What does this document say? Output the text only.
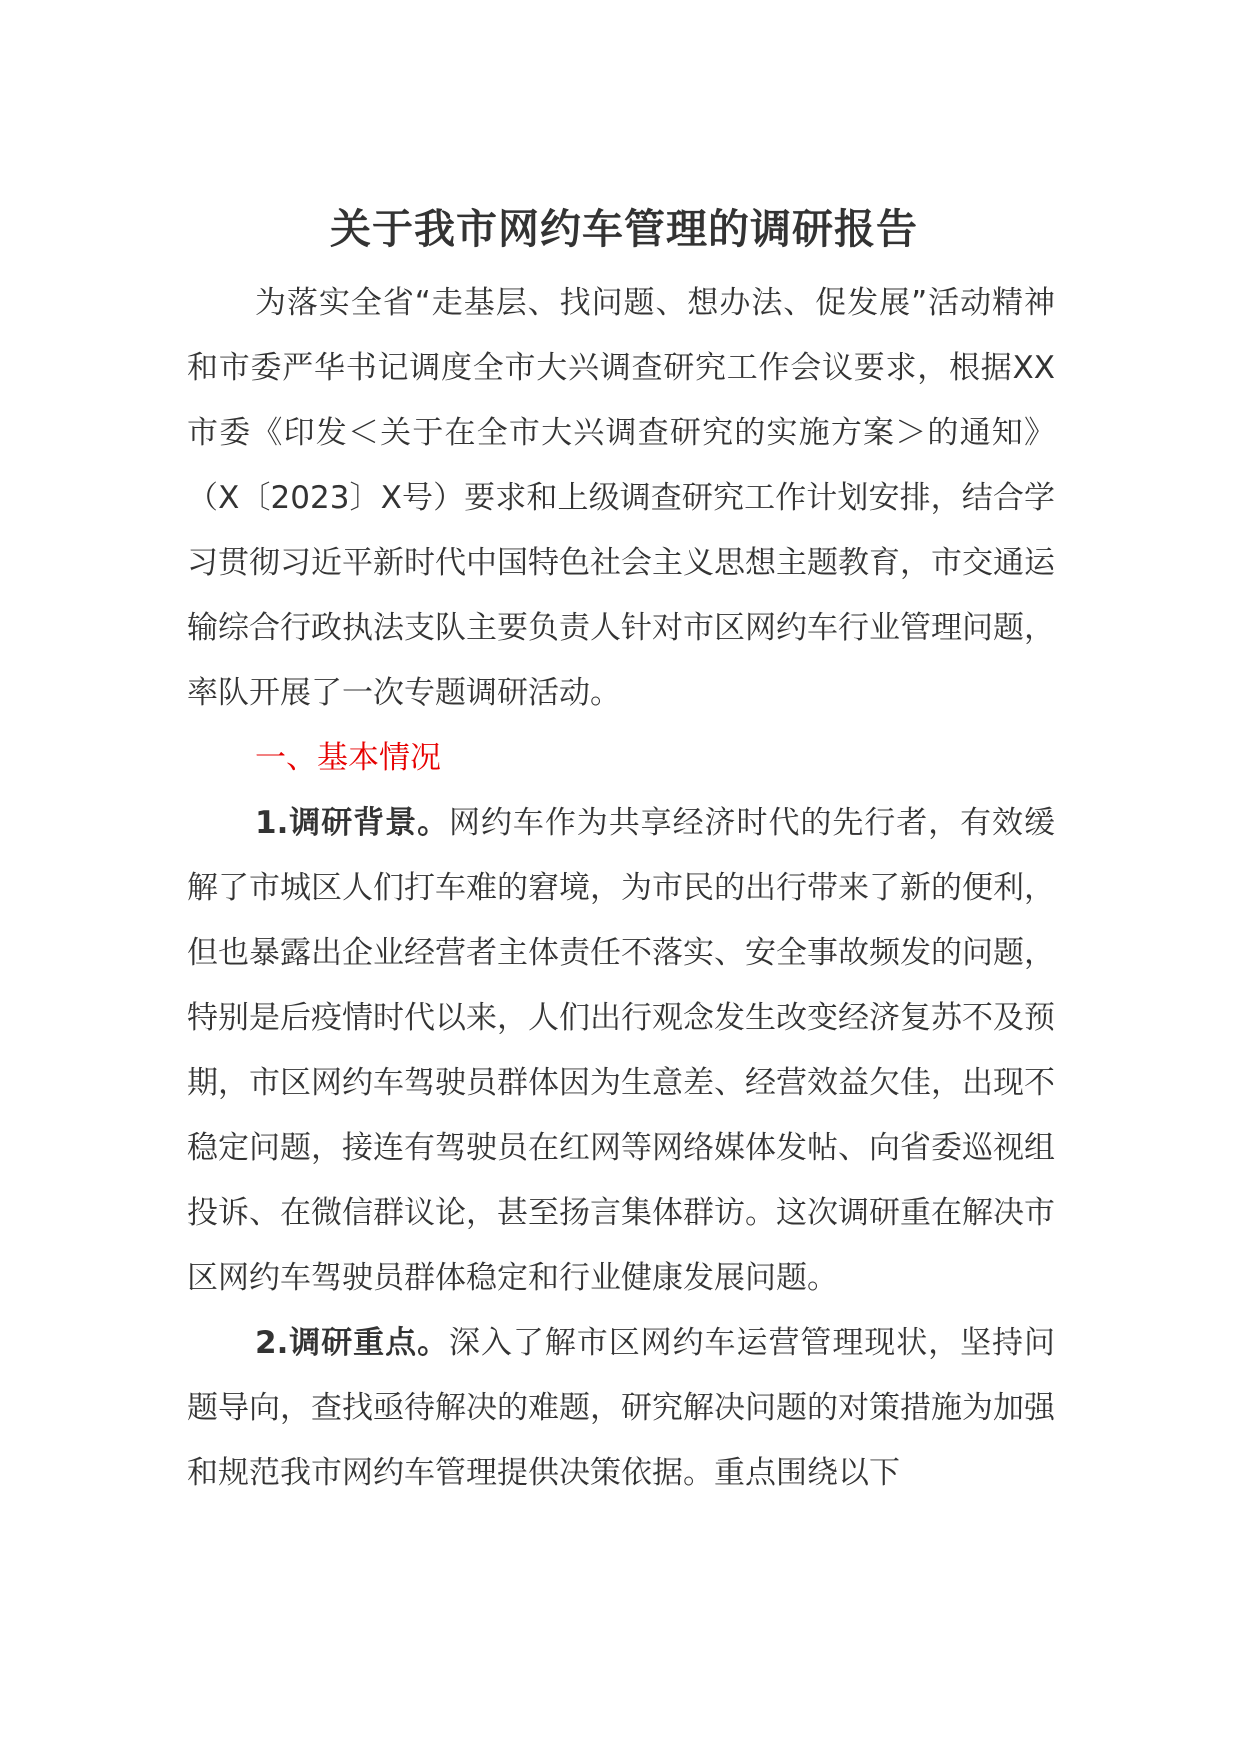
关于我市网约车管理的调研报告

为落实全省“走基层、找问题、想办法、促发展”活动精神和市委严华书记调度全市大兴调查研究工作会议要求，根据XX市委《印发＜关于在全市大兴调查研究的实施方案＞的通知》（X〔2023〕X号）要求和上级调查研究工作计划安排，结合学习贯彻习近平新时代中国特色社会主义思想主题教育，市交通运输综合行政执法支队主要负责人针对市区网约车行业管理问题，率队开展了一次专题调研活动。

一、基本情况

1.调研背景。网约车作为共享经济时代的先行者，有效缓解了市城区人们打车难的窘境，为市民的出行带来了新的便利，但也暴露出企业经营者主体责任不落实、安全事故频发的问题，特别是后疫情时代以来，人们出行观念发生改变经济复苏不及预期，市区网约车驾驶员群体因为生意差、经营效益欠佳，出现不稳定问题，接连有驾驶员在红网等网络媒体发帖、向省委巡视组投诉、在微信群议论，甚至扬言集体群访。这次调研重在解决市区网约车驾驶员群体稳定和行业健康发展问题。

2.调研重点。深入了解市区网约车运营管理现状，坚持问题导向，查找亟待解决的难题，研究解决问题的对策措施为加强和规范我市网约车管理提供决策依据。重点围绕以下
